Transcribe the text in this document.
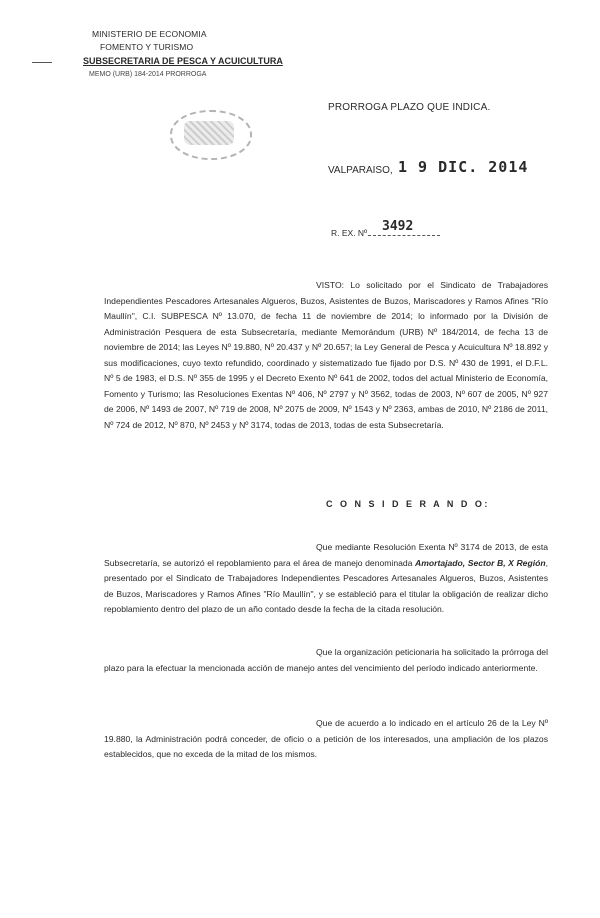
MINISTERIO DE ECONOMIA
FOMENTO Y TURISMO
SUBSECRETARIA DE PESCA Y ACUICULTURA
MEMO (URB) 184-2014 PRORROGA
PRORROGA PLAZO QUE INDICA.
VALPARAISO, 1 9 DIC. 2014
R. EX. Nº 3492
VISTO: Lo solicitado por el Sindicato de Trabajadores Independientes Pescadores Artesanales Algueros, Buzos, Asistentes de Buzos, Mariscadores y Ramos Afines "Río Maullín", C.I. SUBPESCA Nº 13.070, de fecha 11 de noviembre de 2014; lo informado por la División de Administración Pesquera de esta Subsecretaría, mediante Memorándum (URB) Nº 184/2014, de fecha 13 de noviembre de 2014; las Leyes Nº 19.880, Nº 20.437 y Nº 20.657; la Ley General de Pesca y Acuicultura Nº 18.892 y sus modificaciones, cuyo texto refundido, coordinado y sistematizado fue fijado por D.S. Nº 430 de 1991, el D.F.L. Nº 5 de 1983, el D.S. Nº 355 de 1995 y el Decreto Exento Nº 641 de 2002, todos del actual Ministerio de Economía, Fomento y Turismo; las Resoluciones Exentas Nº 406, Nº 2797 y Nº 3562, todas de 2003, Nº 607 de 2005, Nº 927 de 2006, Nº 1493 de 2007, Nº 719 de 2008, Nº 2075 de 2009, Nº 1543 y Nº 2363, ambas de 2010, Nº 2186 de 2011, Nº 724 de 2012, Nº 870, Nº 2453 y Nº 3174, todas de 2013, todas de esta Subsecretaría.
C O N S I D E R A N D O:
Que mediante Resolución Exenta Nº 3174 de 2013, de esta Subsecretaría, se autorizó el repoblamiento para el área de manejo denominada Amortajado, Sector B, X Región, presentado por el Sindicato de Trabajadores Independientes Pescadores Artesanales Algueros, Buzos, Asistentes de Buzos, Mariscadores y Ramos Afines "Río Maullín", y se estableció para el titular la obligación de realizar dicho repoblamiento dentro del plazo de un año contado desde la fecha de la citada resolución.
Que la organización peticionaria ha solicitado la prórroga del plazo para la efectuar la mencionada acción de manejo antes del vencimiento del período indicado anteriormente.
Que de acuerdo a lo indicado en el artículo 26 de la Ley Nº 19.880, la Administración podrá conceder, de oficio o a petición de los interesados, una ampliación de los plazos establecidos, que no exceda de la mitad de los mismos.
